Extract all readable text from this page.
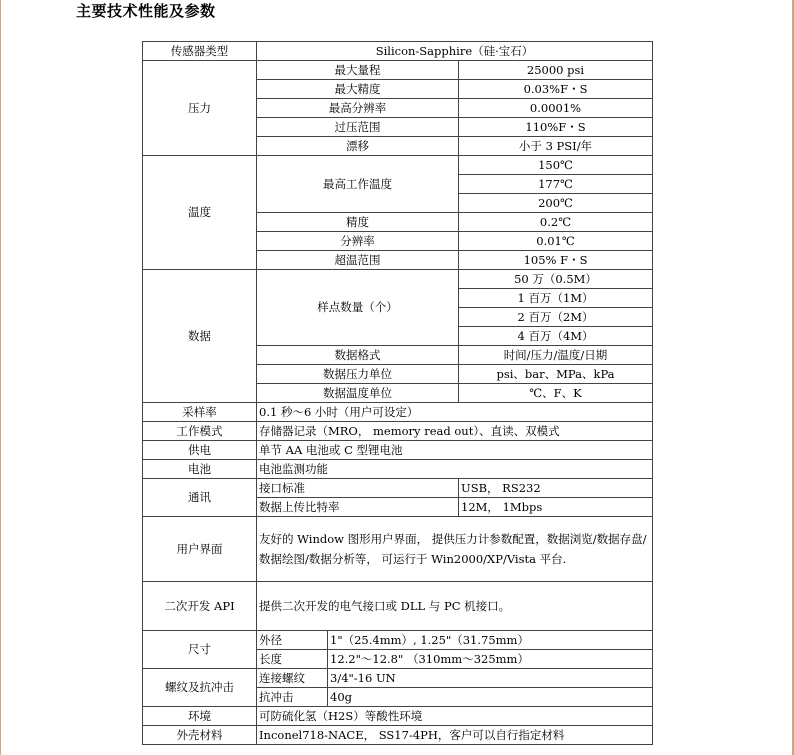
主要技术性能及参数
传感器类型	Silicon-Sapphire（硅·宝石）		
压力	最大量程		25000 psi
	最大精度		0.03%F・S
	最高分辨率		0.0001%
	过压范围		110%F・S
	漂移		小于 3 PSI/年
温度	最高工作温度		150℃
			177℃
			200℃
	精度		0.2℃
	分辨率		0.01℃
	超温范围		105% F・S
数据	样点数量（个）		50 万（0.5M）
			1 百万（1M）
			2 百万（2M）
			4 百万（4M）
	数据格式		时间/压力/温度/日期
	数据压力单位		psi、bar、MPa、kPa
	数据温度单位		℃、F、K
采样率	0.1 秒～6 小时（用户可设定）		
工作模式	存储器记录（MRO， memory read out）、直读、双模式		
供电	单节 AA 电池或 C 型锂电池		
电池	电池监测功能		
通讯	接口标准		USB， RS232
	数据上传比特率		12M， 1Mbps
用户界面	友好的 Window 图形用户界面， 提供压力计参数配置，数据浏览/数据存盘/数据绘图/数据分析等， 可运行于 Win2000/XP/Vista 平台.		
二次开发 API	提供二次开发的电气接口或 DLL 与 PC 机接口。		
尺寸	外径	1"（25.4mm）, 1.25"（31.75mm）	
	长度	12.2"～12.8" （310mm～325mm）	
螺纹及抗冲击	连接螺纹	3/4"-16 UN	
	抗冲击	40g	
环境	可防硫化氢（H2S）等酸性环境		
外壳材料	Inconel718-NACE， SS17-4PH，客户可以自行指定材料		
